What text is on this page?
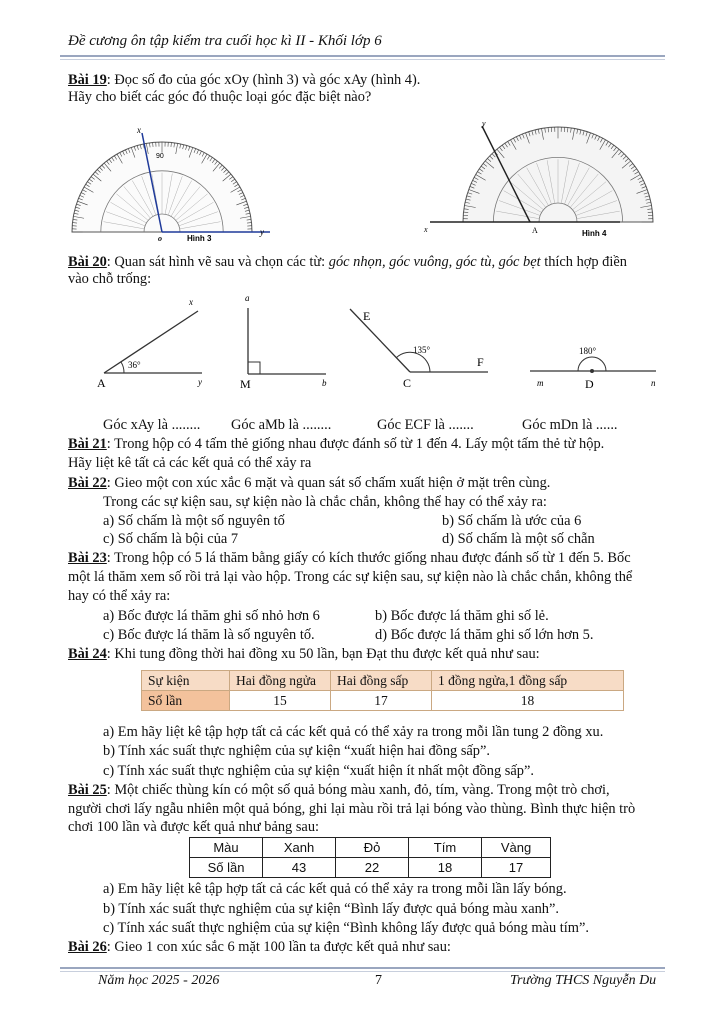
Đề cương ôn tập kiểm tra cuối học kì II - Khối lớp 6
Bài 19: Đọc số đo của góc xOy (hình 3) và góc xAy (hình 4).
Hãy cho biết các góc đó thuộc loại góc đặc biệt nào?
x
o
y
90
Hình 3
y
x	A	Hình 4
Bài 20: Quan sát hình vẽ sau và chọn các từ: góc nhọn, góc vuông, góc tù, góc bẹt thích hợp điền
vào chỗ trống:
x
A	y
36°
a
M	b
E
135°
C
F
180°
m	D	n
Góc xAy là ........ Góc aMb là ........	Góc ECF là .......	Góc mDn là ......
Bài 21: Trong hộp có 4 tấm thẻ giống nhau được đánh số từ 1 đến 4. Lấy một tấm thẻ từ hộp.
Hãy liệt kê tất cả các kết quả có thể xảy ra
Bài 22: Gieo một con xúc xắc 6 mặt và quan sát số chấm xuất hiện ở mặt trên cùng.
Trong các sự kiện sau, sự kiện nào là chắc chắn, không thể hay có thể xảy ra:
a) Số chấm là một số nguyên tố	b) Số chấm là ước của 6
c) Số chấm là bội của 7	d) Số chấm là một số chẵn
Bài 23: Trong hộp có 5 lá thăm bằng giấy có kích thước giống nhau được đánh số từ 1 đến 5. Bốc
một lá thăm xem số rồi trả lại vào hộp. Trong các sự kiện sau, sự kiện nào là chắc chắn, không thể
hay có thể xảy ra:
a) Bốc được lá thăm ghi số nhỏ hơn 6	b) Bốc được lá thăm ghi số lẻ.
c) Bốc được lá thăm là số nguyên tố.	d) Bốc được lá thăm ghi số lớn hơn 5.
Bài 24: Khi tung đồng thời hai đồng xu 50 lần, bạn Đạt thu được kết quả như sau:
Sự kiện	Hai đồng ngửa	Hai đồng sấp	1 đồng ngửa,1 đồng sấp
Số lần	15	17	18
a) Em hãy liệt kê tập hợp tất cả các kết quả có thể xảy ra trong mỗi lần tung 2 đồng xu.
b) Tính xác suất thực nghiệm của sự kiện “xuất hiện hai đồng sấp”.
c) Tính xác suất thực nghiệm của sự kiện “xuất hiện ít nhất một đồng sấp”.
Bài 25: Một chiếc thùng kín có một số quả bóng màu xanh, đỏ, tím, vàng. Trong một trò chơi,
người chơi lấy ngẫu nhiên một quả bóng, ghi lại màu rồi trả lại bóng vào thùng. Bình thực hiện trò
chơi 100 lần và được kết quả như bảng sau:
Màu	Xanh	Đỏ	Tím	Vàng
Số lần	43	22	18	17
a) Em hãy liệt kê tập hợp tất cả các kết quả có thể xảy ra trong mỗi lần lấy bóng.
b) Tính xác suất thực nghiệm của sự kiện “Bình lấy được quả bóng màu xanh”.
c) Tính xác suất thực nghiệm của sự kiện “Bình không lấy được quả bóng màu tím”.
Bài 26: Gieo 1 con xúc sắc 6 mặt 100 lần ta được kết quả như sau:
Năm học 2025 - 2026	7	Trường THCS Nguyễn Du
